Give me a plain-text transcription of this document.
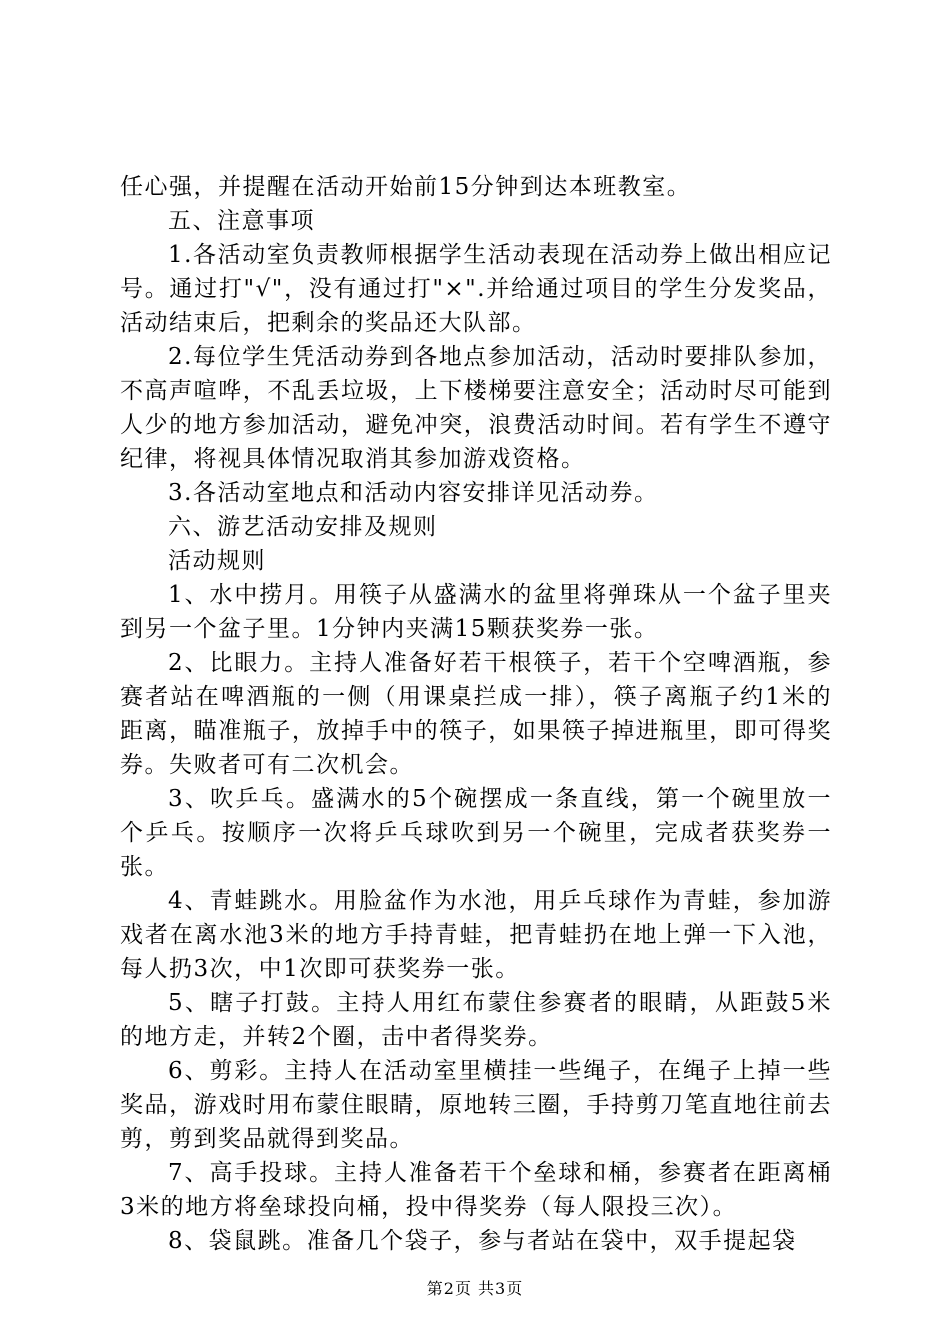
任心强，并提醒在活动开始前15分钟到达本班教室。

五、注意事项

1.各活动室负责教师根据学生活动表现在活动券上做出相应记号。通过打"√"，没有通过打"×".并给通过项目的学生分发奖品，活动结束后，把剩余的奖品还大队部。

2.每位学生凭活动券到各地点参加活动，活动时要排队参加，不高声喧哗，不乱丢垃圾，上下楼梯要注意安全；活动时尽可能到人少的地方参加活动，避免冲突，浪费活动时间。若有学生不遵守纪律，将视具体情况取消其参加游戏资格。

3.各活动室地点和活动内容安排详见活动券。

六、游艺活动安排及规则

活动规则

1、水中捞月。用筷子从盛满水的盆里将弹珠从一个盆子里夹到另一个盆子里。1分钟内夹满15颗获奖券一张。

2、比眼力。主持人准备好若干根筷子，若干个空啤酒瓶，参赛者站在啤酒瓶的一侧（用课桌拦成一排），筷子离瓶子约1米的距离，瞄准瓶子，放掉手中的筷子，如果筷子掉进瓶里，即可得奖券。失败者可有二次机会。

3、吹乒乓。盛满水的5个碗摆成一条直线，第一个碗里放一个乒乓。按顺序一次将乒乓球吹到另一个碗里，完成者获奖券一张。

4、青蛙跳水。用脸盆作为水池，用乒乓球作为青蛙，参加游戏者在离水池3米的地方手持青蛙，把青蛙扔在地上弹一下入池，每人扔3次，中1次即可获奖券一张。

5、瞎子打鼓。主持人用红布蒙住参赛者的眼睛，从距鼓5米的地方走，并转2个圈，击中者得奖券。

6、剪彩。主持人在活动室里横挂一些绳子，在绳子上掉一些奖品，游戏时用布蒙住眼睛，原地转三圈，手持剪刀笔直地往前去剪，剪到奖品就得到奖品。

7、高手投球。主持人准备若干个垒球和桶，参赛者在距离桶3米的地方将垒球投向桶，投中得奖券（每人限投三次）。

8、袋鼠跳。准备几个袋子，参与者站在袋中，双手提起袋

第2页 共3页
